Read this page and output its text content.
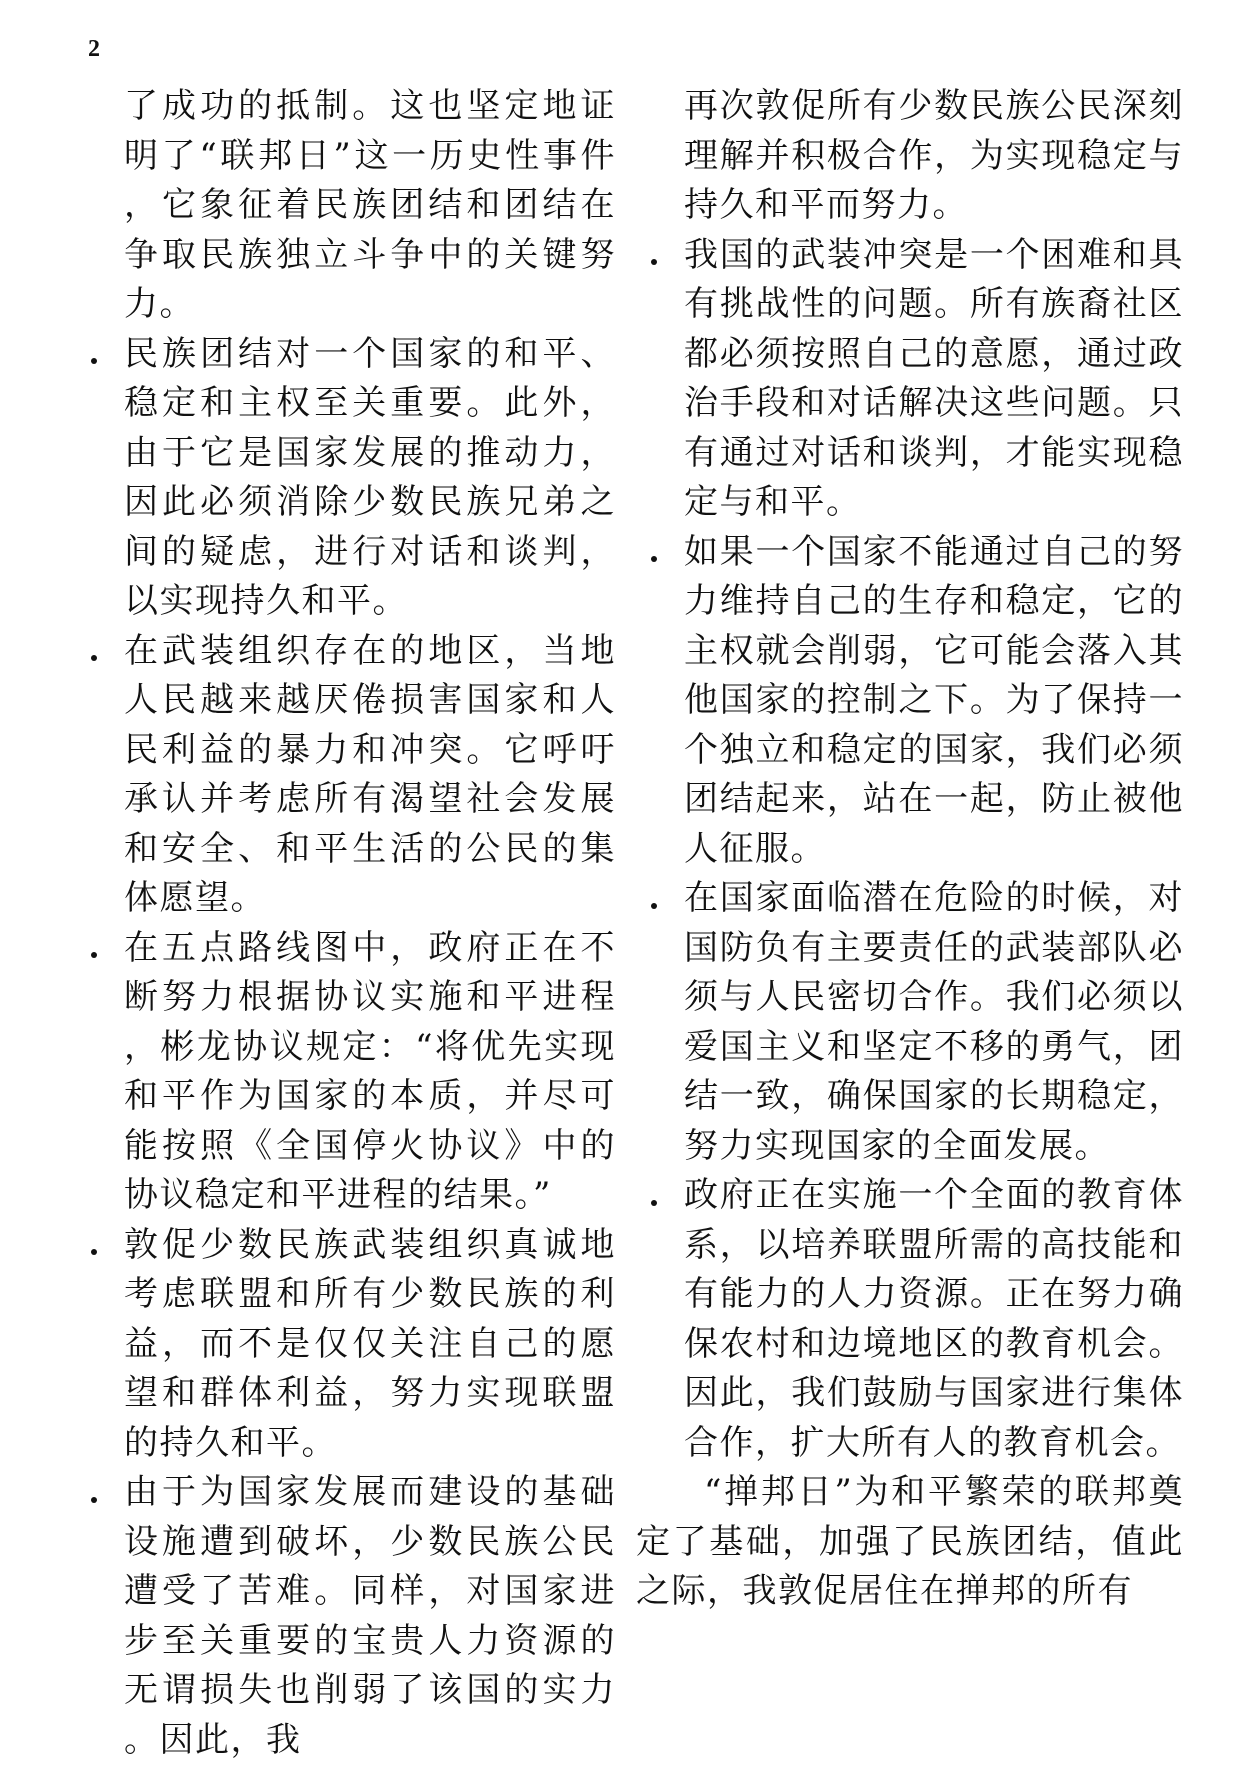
2

了成功的抵制。这也坚定地证明了“联邦日”这一历史性事件，它象征着民族团结和团结在争取民族独立斗争中的关键努力。

民族团结对一个国家的和平、稳定和主权至关重要。此外，由于它是国家发展的推动力，因此必须消除少数民族兄弟之间的疑虑，进行对话和谈判，以实现持久和平。
在武装组织存在的地区，当地人民越来越厌倦损害国家和人民利益的暴力和冲突。它呼吁承认并考虑所有渴望社会发展和安全、和平生活的公民的集体愿望。
在五点路线图中，政府正在不断努力根据协议实施和平进程，彬龙协议规定：“将优先实现和平作为国家的本质，并尽可能按照《全国停火协议》中的协议稳定和平进程的结果。”
敦促少数民族武装组织真诚地考虑联盟和所有少数民族的利益，而不是仅仅关注自己的愿望和群体利益，努力实现联盟的持久和平。
由于为国家发展而建设的基础设施遭到破坏，少数民族公民遭受了苦难。同样，对国家进步至关重要的宝贵人力资源的无谓损失也削弱了该国的实力。因此，我

再次敦促所有少数民族公民深刻理解并积极合作，为实现稳定与持久和平而努力。

我国的武装冲突是一个困难和具有挑战性的问题。所有族裔社区都必须按照自己的意愿，通过政治手段和对话解决这些问题。只有通过对话和谈判，才能实现稳定与和平。
如果一个国家不能通过自己的努力维持自己的生存和稳定，它的主权就会削弱，它可能会落入其他国家的控制之下。为了保持一个独立和稳定的国家，我们必须团结起来，站在一起，防止被他人征服。
在国家面临潜在危险的时候，对国防负有主要责任的武装部队必须与人民密切合作。我们必须以爱国主义和坚定不移的勇气，团结一致，确保国家的长期稳定，努力实现国家的全面发展。
政府正在实施一个全面的教育体系，以培养联盟所需的高技能和有能力的人力资源。正在努力确保农村和边境地区的教育机会。因此，我们鼓励与国家进行集体合作，扩大所有人的教育机会。

“掸邦日”为和平繁荣的联邦奠定了基础，加强了民族团结，值此之际，我敦促居住在掸邦的所有
